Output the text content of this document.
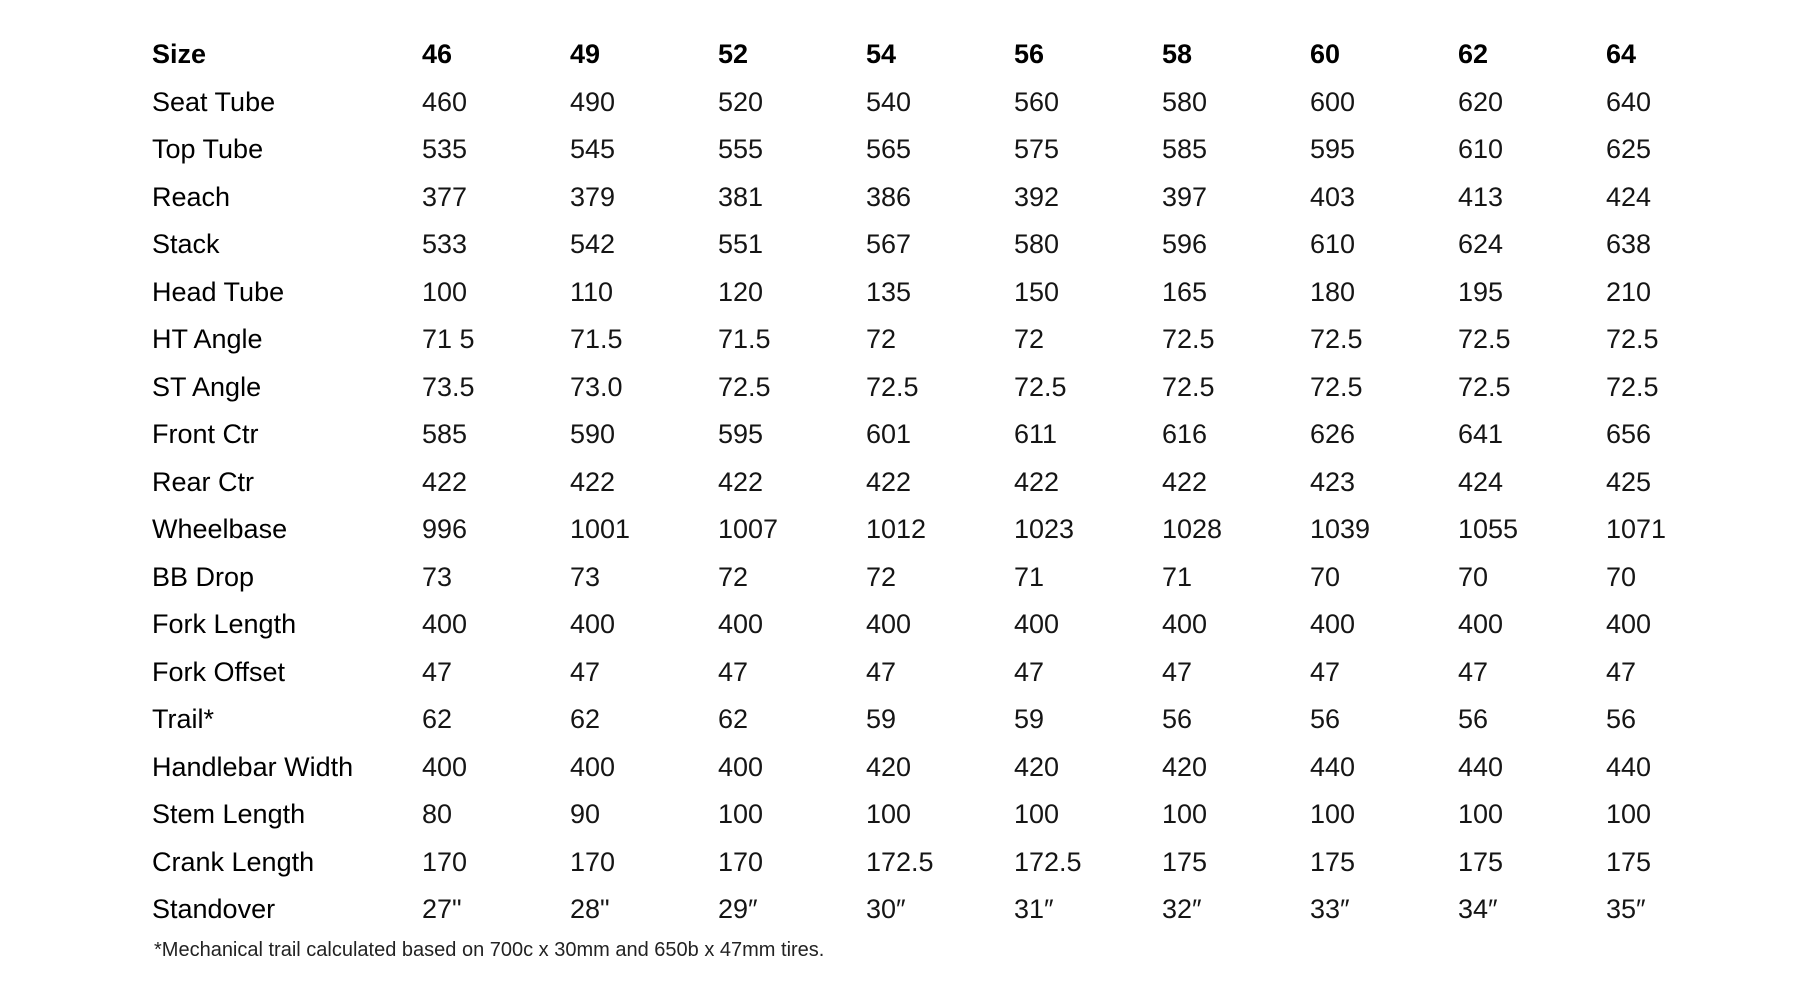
Size	46	49	52	54	56	58	60	62	64
Seat Tube	460	490	520	540	560	580	600	620	640
Top Tube	535	545	555	565	575	585	595	610	625
Reach	377	379	381	386	392	397	403	413	424
Stack	533	542	551	567	580	596	610	624	638
Head Tube	100	110	120	135	150	165	180	195	210
HT Angle	71 5	71.5	71.5	72	72	72.5	72.5	72.5	72.5
ST Angle	73.5	73.0	72.5	72.5	72.5	72.5	72.5	72.5	72.5
Front Ctr	585	590	595	601	611	616	626	641	656
Rear Ctr	422	422	422	422	422	422	423	424	425
Wheelbase	996	1001	1007	1012	1023	1028	1039	1055	1071
BB Drop	73	73	72	72	71	71	70	70	70
Fork Length	400	400	400	400	400	400	400	400	400
Fork Offset	47	47	47	47	47	47	47	47	47
Trail*	62	62	62	59	59	56	56	56	56
Handlebar Width	400	400	400	420	420	420	440	440	440
Stem Length	80	90	100	100	100	100	100	100	100
Crank Length	170	170	170	172.5	172.5	175	175	175	175
Standover	27"	28"	29″	30″	31″	32″	33″	34″	35″
*Mechanical trail calculated based on 700c x 30mm and 650b x 47mm tires.
